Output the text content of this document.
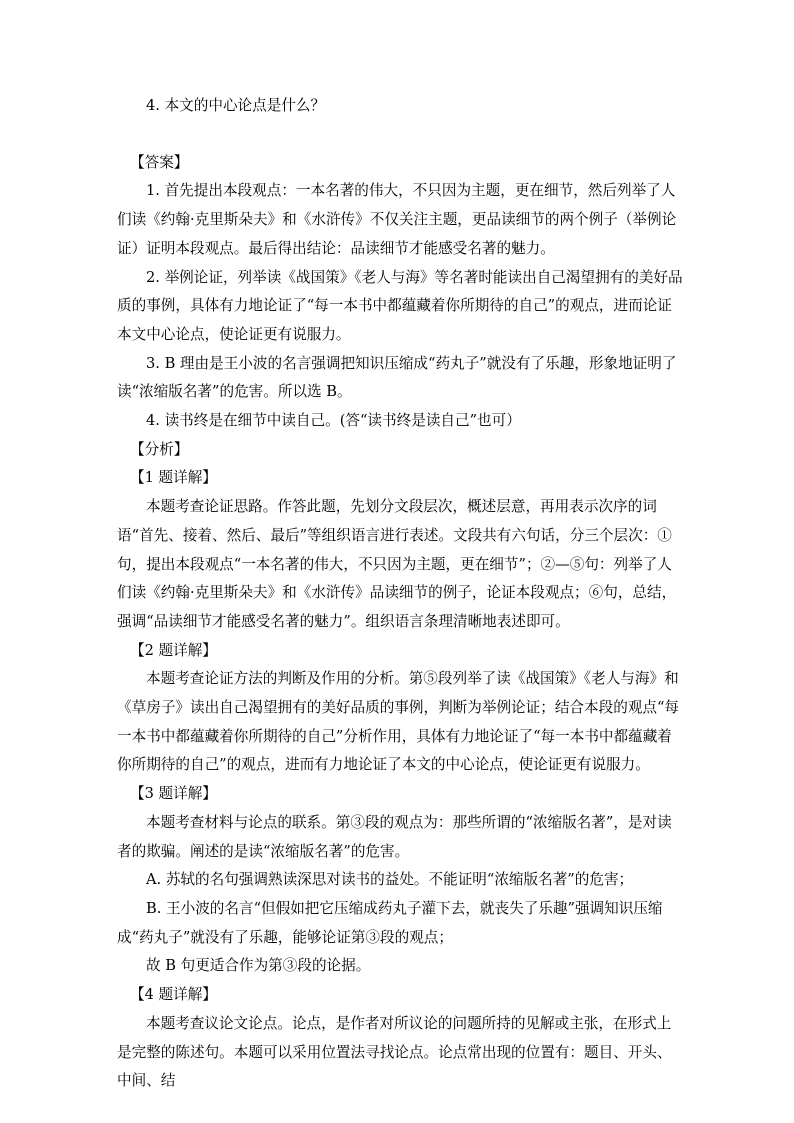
4. 本文的中心论点是什么？

【答案】

1. 首先提出本段观点：一本名著的伟大，不只因为主题，更在细节，然后列举了人们读《约翰·克里斯朵夫》和《水浒传》不仅关注主题，更品读细节的两个例子（举例论证）证明本段观点。最后得出结论：品读细节才能感受名著的魅力。

2. 举例论证，列举读《战国策》《老人与海》等名著时能读出自己渴望拥有的美好品质的事例，具体有力地论证了“每一本书中都蕴藏着你所期待的自己”的观点，进而论证本文中心论点，使论证更有说服力。

3. B 理由是王小波的名言强调把知识压缩成“药丸子”就没有了乐趣，形象地证明了读“浓缩版名著”的危害。所以选 B。

4. 读书终是在细节中读自己。(答“读书终是读自己”也可）

【分析】

【1 题详解】

本题考查论证思路。作答此题，先划分文段层次，概述层意，再用表示次序的词语“首先、接着、然后、最后”等组织语言进行表述。文段共有六句话，分三个层次：①句，提出本段观点“一本名著的伟大，不只因为主题，更在细节”；②—⑤句：列举了人们读《约翰·克里斯朵夫》和《水浒传》品读细节的例子，论证本段观点；⑥句，总结，强调“品读细节才能感受名著的魅力”。组织语言条理清晰地表述即可。

【2 题详解】

本题考查论证方法的判断及作用的分析。第⑤段列举了读《战国策》《老人与海》和《草房子》读出自己渴望拥有的美好品质的事例，判断为举例论证；结合本段的观点“每一本书中都蕴藏着你所期待的自己”分析作用，具体有力地论证了“每一本书中都蕴藏着你所期待的自己”的观点，进而有力地论证了本文的中心论点，使论证更有说服力。

【3 题详解】

本题考查材料与论点的联系。第③段的观点为：那些所谓的“浓缩版名著”，是对读者的欺骗。阐述的是读“浓缩版名著”的危害。

A. 苏轼的名句强调熟读深思对读书的益处。不能证明“浓缩版名著”的危害；

B. 王小波的名言“但假如把它压缩成药丸子灌下去，就丧失了乐趣”强调知识压缩成“药丸子”就没有了乐趣，能够论证第③段的观点；

故 B 句更适合作为第③段的论据。

【4 题详解】

本题考查议论文论点。论点，是作者对所议论的问题所持的见解或主张，在形式上是完整的陈述句。本题可以采用位置法寻找论点。论点常出现的位置有：题目、开头、中间、结
